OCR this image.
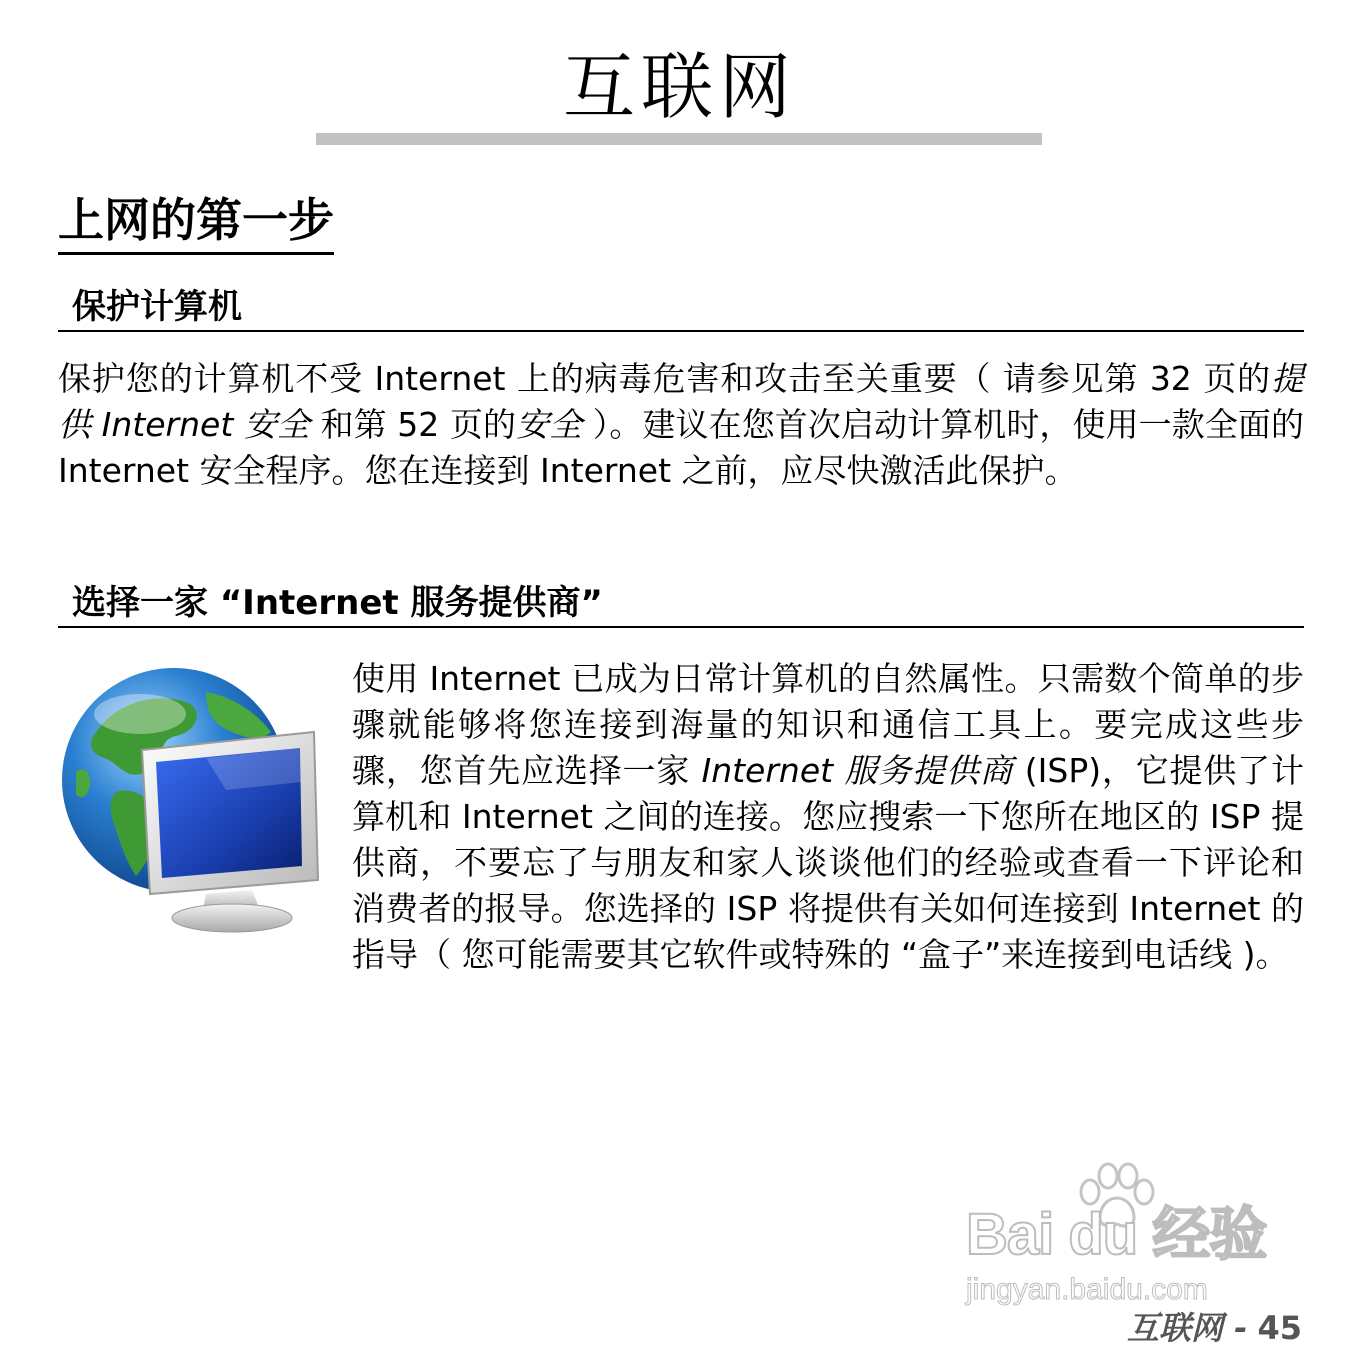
互联网
上网的第一步
保护计算机

保护您的计算机不受 Internet 上的病毒危害和攻击至关重要（ 请参见第 32 页的提供 Internet 安全 和第 52 页的安全 ）。建议在您首次启动计算机时，使用一款全面的 Internet 安全程序。您在连接到 Internet 之前，应尽快激活此保护。

选择一家 “Internet 服务提供商”

使用 Internet 已成为日常计算机的自然属性。只需数个简单的步骤就能够将您连接到海量的知识和通信工具上。要完成这些步骤，您首先应选择一家 Internet 服务提供商 (ISP)，它提供了计算机和 Internet 之间的连接。您应搜索一下您所在地区的 ISP 提供商，不要忘了与朋友和家人谈谈他们的经验或查看一下评论和消费者的报导。您选择的 ISP 将提供有关如何连接到 Internet 的指导（ 您可能需要其它软件或特殊的 “盒子”来连接到电话线 )。

Bai du 经验
jingyan.baidu.com
互联网 - 45
